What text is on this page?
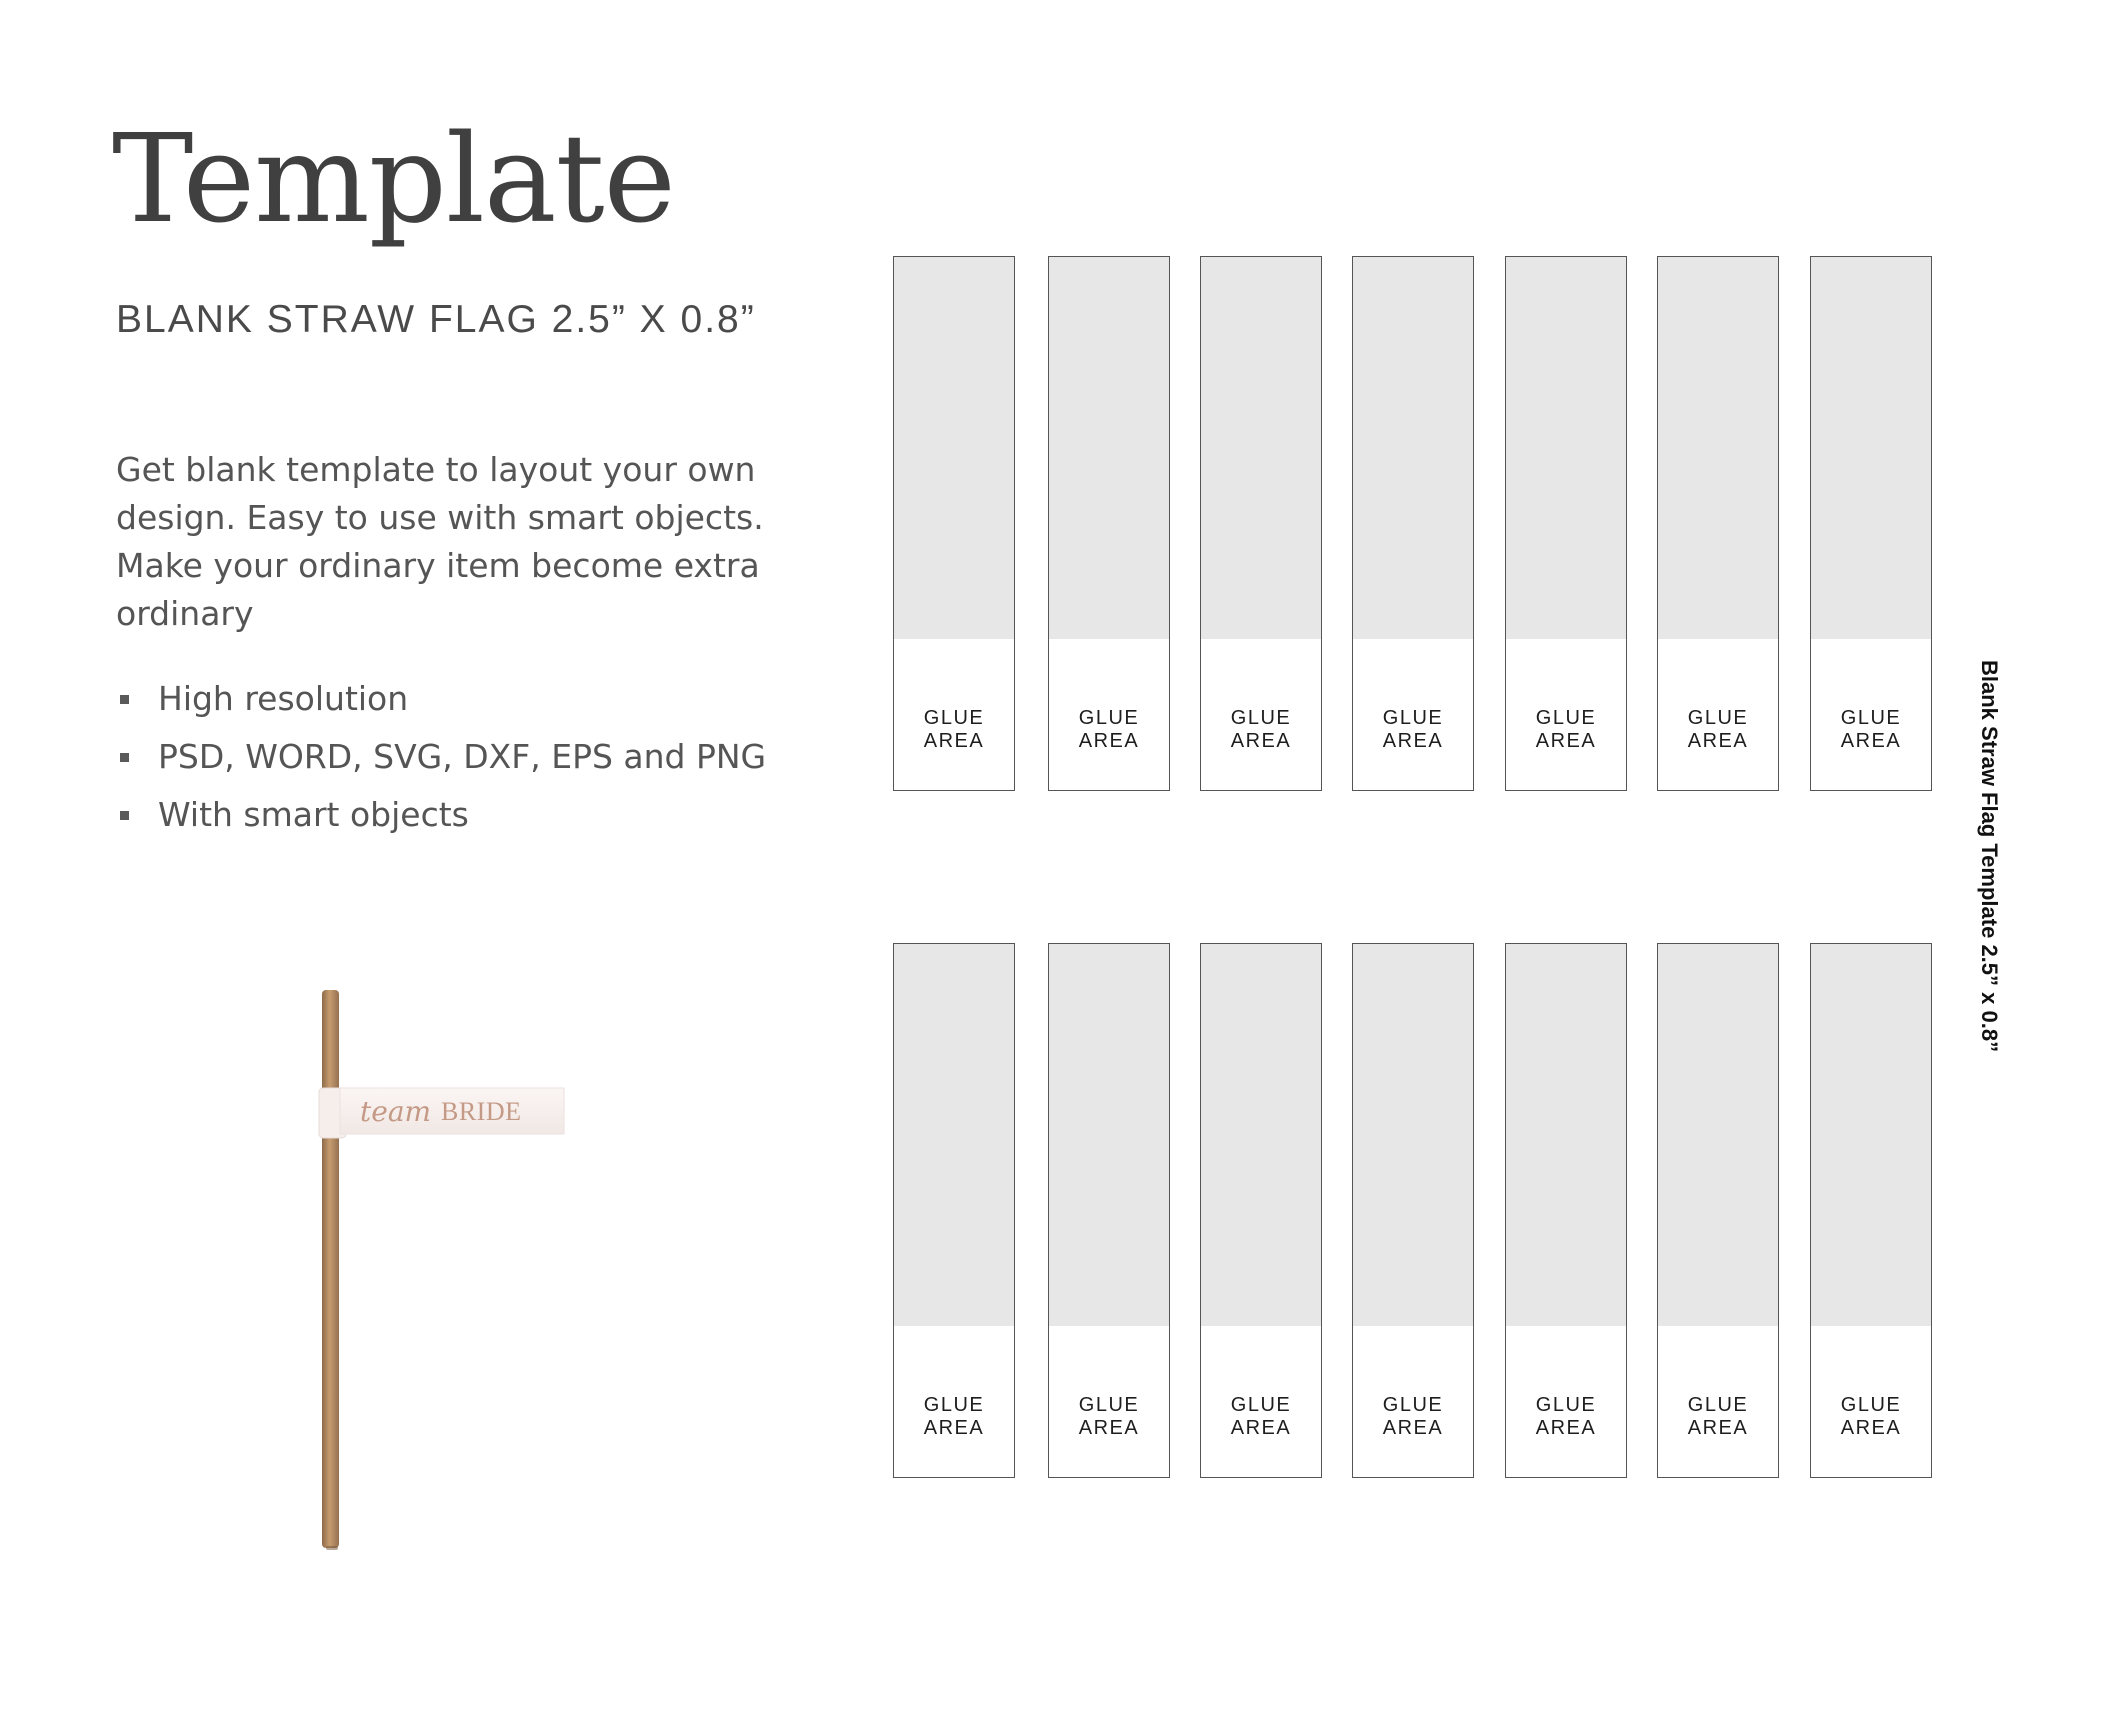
Template
BLANK STRAW FLAG 2.5” X 0.8”

Get blank template to layout your own design. Easy to use with smart objects. Make your ordinary item become extra ordinary

High resolution
PSD, WORD, SVG, DXF, EPS and PNG
With smart objects
team BRIDE
GLUE
AREA
GLUE
AREA
GLUE
AREA
GLUE
AREA
GLUE
AREA
GLUE
AREA
GLUE
AREA
GLUE
AREA
GLUE
AREA
GLUE
AREA
GLUE
AREA
GLUE
AREA
GLUE
AREA
GLUE
AREA

Blank Straw Flag Template 2.5” x 0.8”
